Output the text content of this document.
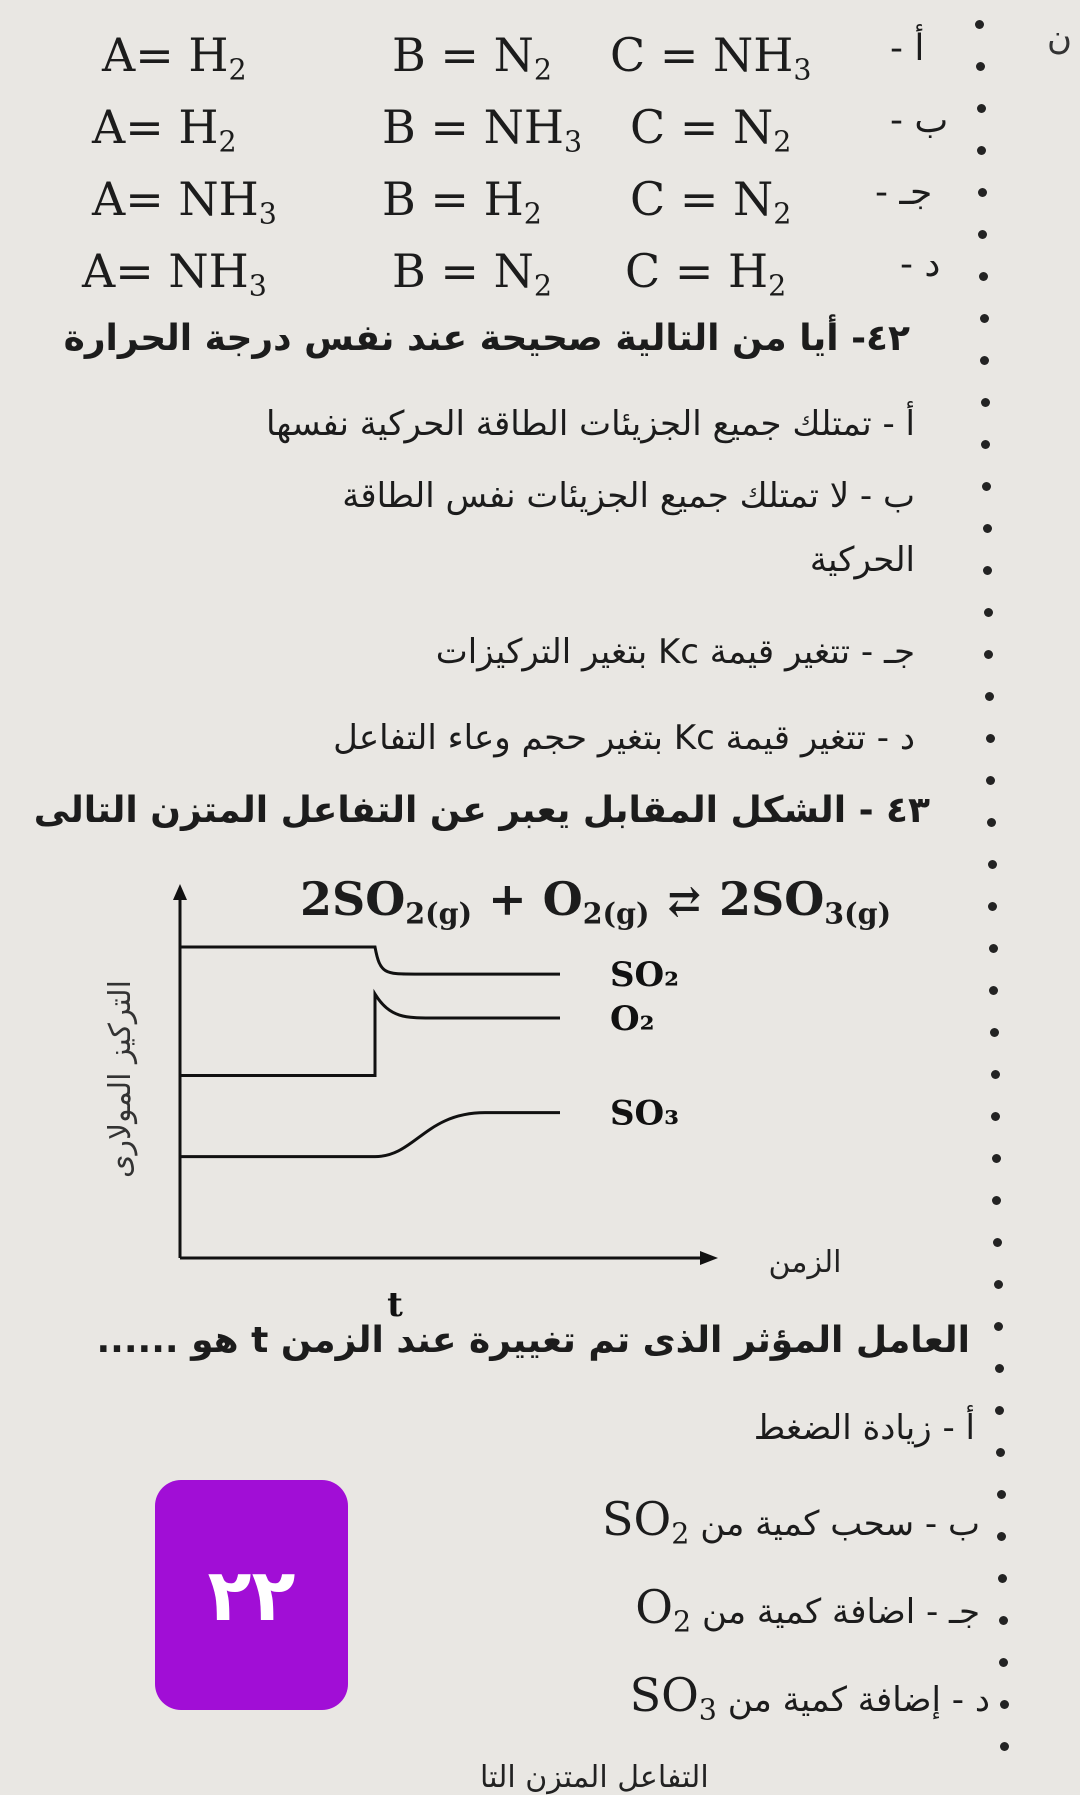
ن
$A= H_2$	$B = N_2$ $C = NH_3$
أ -
$A= H_2$	$B = NH_3$ $C = N_2$
ب -
$A= NH_3$ $B = H_2$ $C = N_2$
جـ -
$A= NH_3$	$B = N_2$ $C = H_2$
د -
٤٢- أيا من التالية صحيحة عند نفس درجة الحرارة
أ - تمتلك جميع الجزيئات الطاقة الحركية نفسها
ب - لا تمتلك جميع الجزيئات نفس الطاقة
الحركية
جـ - تتغير قيمة Kc بتغير التركيزات
د - تتغير قيمة Kc بتغير حجم وعاء التفاعل
٤٣ - الشكل المقابل يعبر عن التفاعل المتزن التالى
$2SO_{2(g)} + O_{2(g)}$ ⇄ $2SO_{3(g)}$
SO₂
O₂
SO₃
التركيز المولارى
الزمن
t
العامل المؤثر الذى تم تغييرة عند الزمن t هو ......
أ - زيادة الضغط
ب - سحب كمية من $SO_2$
جـ - اضافة كمية من $O_2$
د - إضافة كمية من $SO_3$
٢٢
التفاعل المتزن التا
